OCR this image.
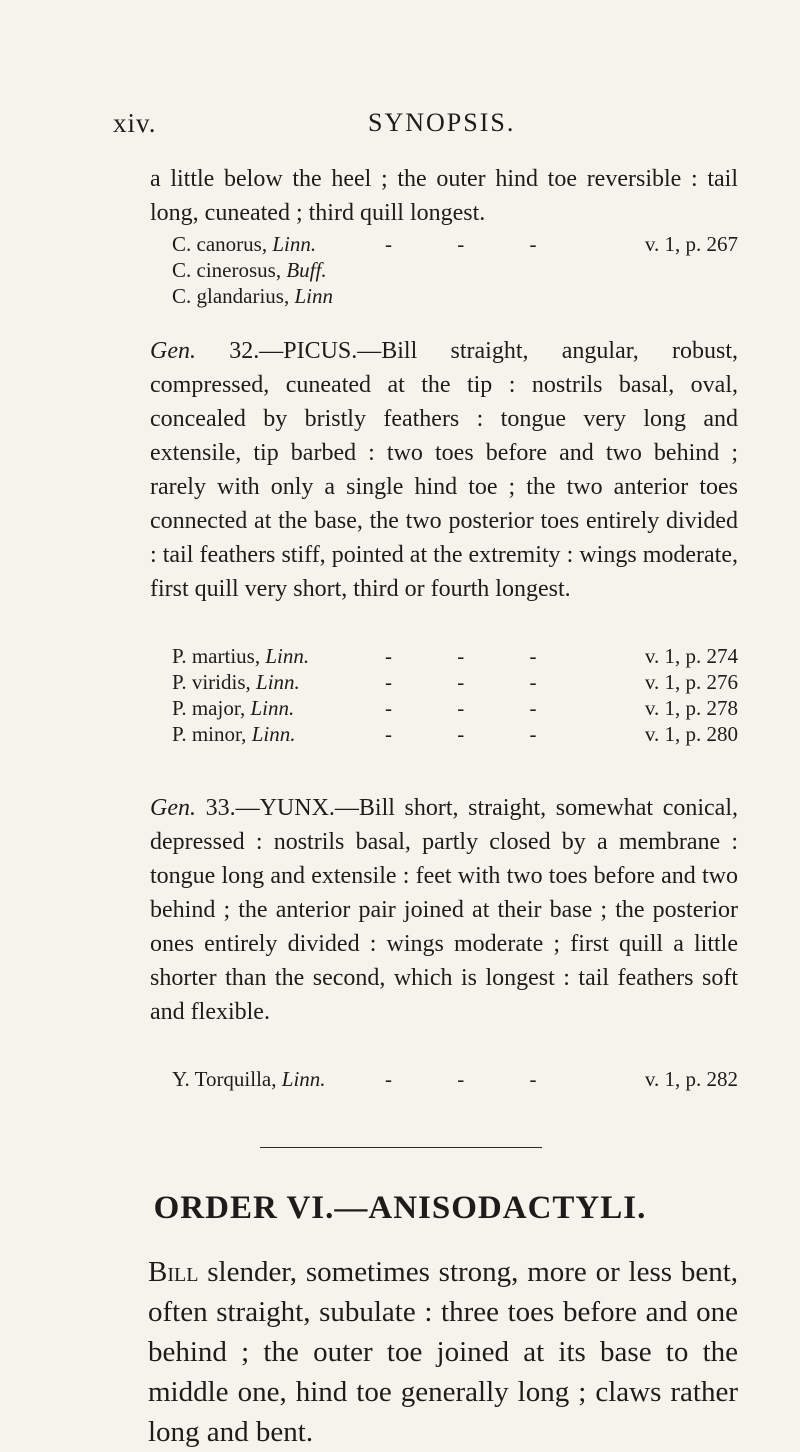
xiv.	SYNOPSIS.

a little below the heel ; the outer hind toe reversible : tail long, cuneated ; third quill longest.

C. canorus, Linn.	- - -	v. 1, p. 267
C. cinerosus, Buff.
C. glandarius, Linn

Gen. 32.—PICUS.—Bill straight, angular, robust, compressed, cuneated at the tip : nostrils basal, oval, concealed by bristly feathers : tongue very long and extensile, tip barbed : two toes before and two behind ; rarely with only a single hind toe ; the two anterior toes connected at the base, the two posterior toes entirely divided : tail feathers stiff, pointed at the extremity : wings moderate, first quill very short, third or fourth longest.

P. martius, Linn.	- - -	v. 1, p. 274
P. viridis, Linn.	- - -	v. 1, p. 276
P. major, Linn.	- - -	v. 1, p. 278
P. minor, Linn.	- - -	v. 1, p. 280

Gen. 33.—YUNX.—Bill short, straight, somewhat conical, depressed : nostrils basal, partly closed by a membrane : tongue long and extensile : feet with two toes before and two behind ; the anterior pair joined at their base ; the posterior ones entirely divided : wings moderate ; first quill a little shorter than the second, which is longest : tail feathers soft and flexible.

Y. Torquilla, Linn.	- - -	v. 1, p. 282
ORDER VI.—ANISODACTYLI.
Bill slender, sometimes strong, more or less bent, often straight, subulate : three toes before and one behind ; the outer toe joined at its base to the middle one, hind toe generally long ; claws rather long and bent.
